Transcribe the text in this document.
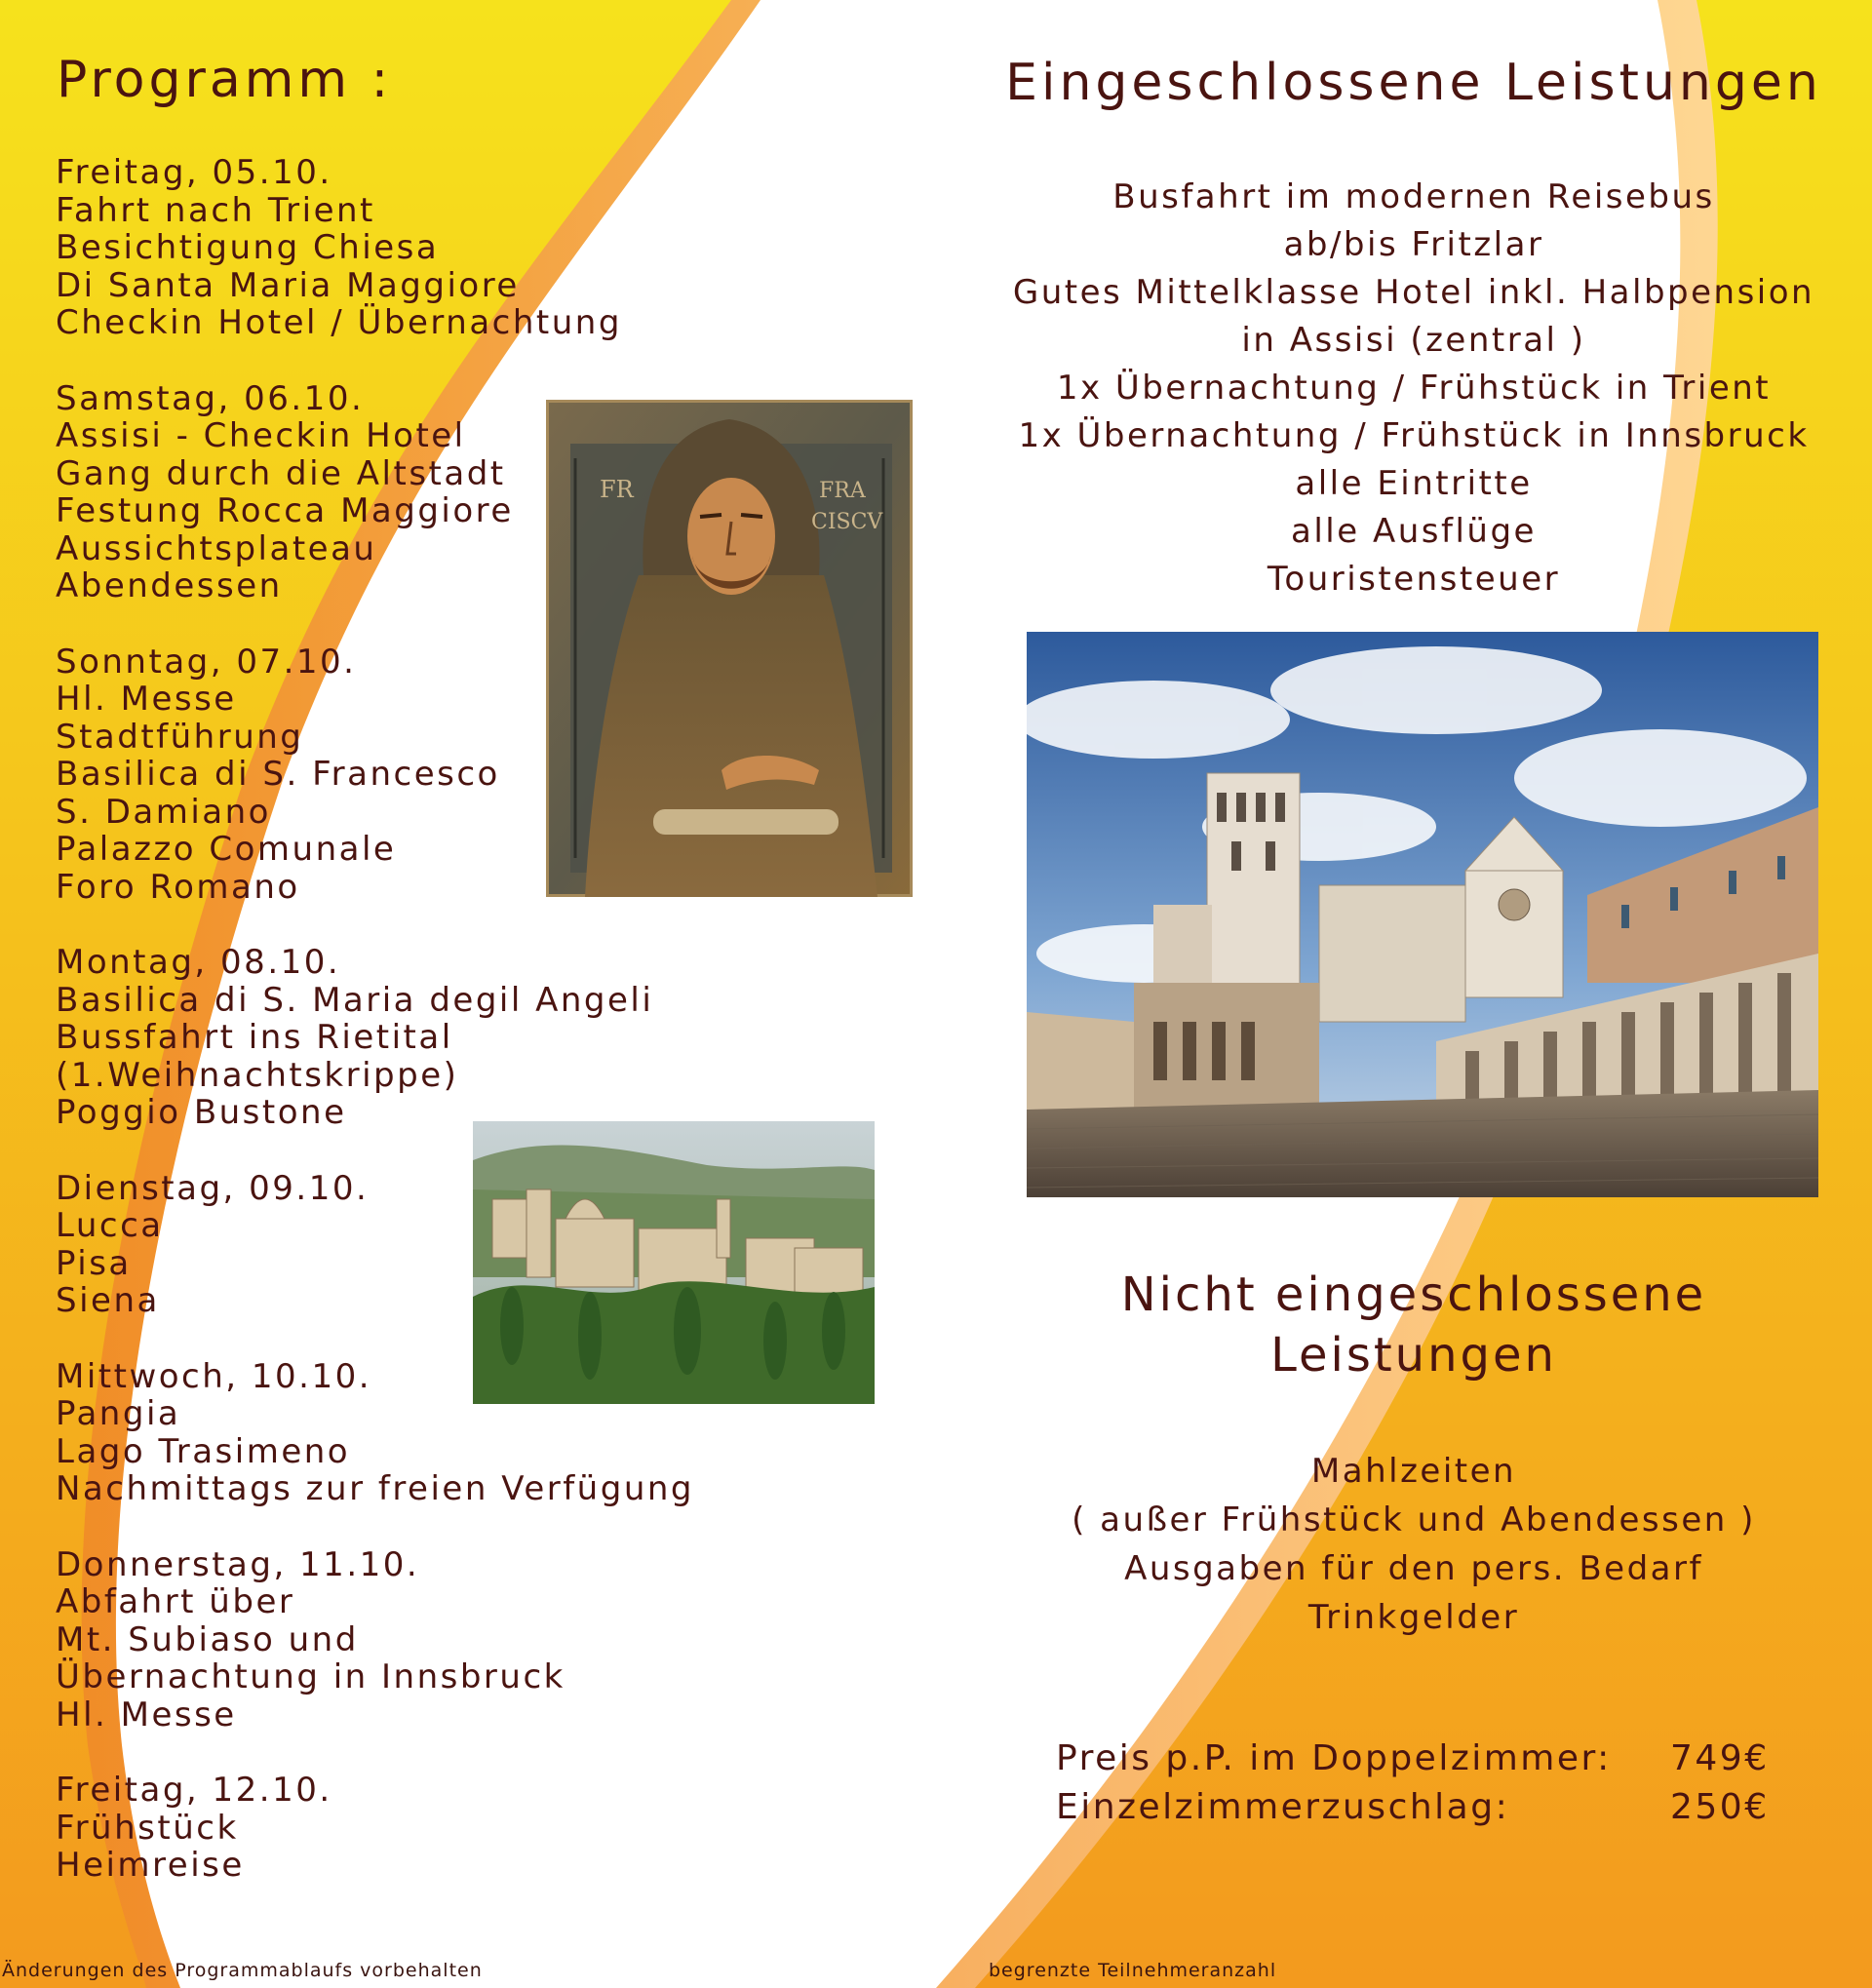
Programm :
Freitag, 05.10.
Fahrt nach Trient
Besichtigung Chiesa
Di Santa Maria Maggiore
Checkin Hotel / Übernachtung
Samstag, 06.10.
Assisi - Checkin Hotel
Gang durch die Altstadt
Festung Rocca Maggiore
Aussichtsplateau
Abendessen
Sonntag, 07.10.
Hl. Messe
Stadtführung
Basilica di S. Francesco
S. Damiano
Palazzo Comunale
Foro Romano
Montag, 08.10.
Basilica di S. Maria degil Angeli
Bussfahrt ins Rietital
(1.Weihnachtskrippe)
Poggio Bustone
Dienstag, 09.10.
Lucca
Pisa
Siena
Mittwoch, 10.10.
Pangia
Lago Trasimeno
Nachmittags zur freien Verfügung
Donnerstag, 11.10.
Abfahrt über
Mt. Subiaso und
Übernachtung in Innsbruck
Hl. Messe
Freitag, 12.10.
Frühstück
Heimreise
FR	FRA
CISCV
Eingeschlossene Leistungen
Busfahrt im modernen Reisebus
ab/bis Fritzlar
Gutes Mittelklasse Hotel inkl. Halbpension
in Assisi (zentral )
1x Übernachtung / Frühstück in Trient
1x Übernachtung / Frühstück in Innsbruck
alle Eintritte
alle Ausflüge
Touristensteuer
Nicht eingeschlossene
Leistungen
Mahlzeiten
( außer Frühstück und Abendessen )
Ausgaben für den pers. Bedarf
Trinkgelder
Preis p.P. im Doppelzimmer:	749€
Einzelzimmerzuschlag:	250€
Änderungen des Programmablaufs vorbehalten	begrenzte Teilnehmeranzahl
